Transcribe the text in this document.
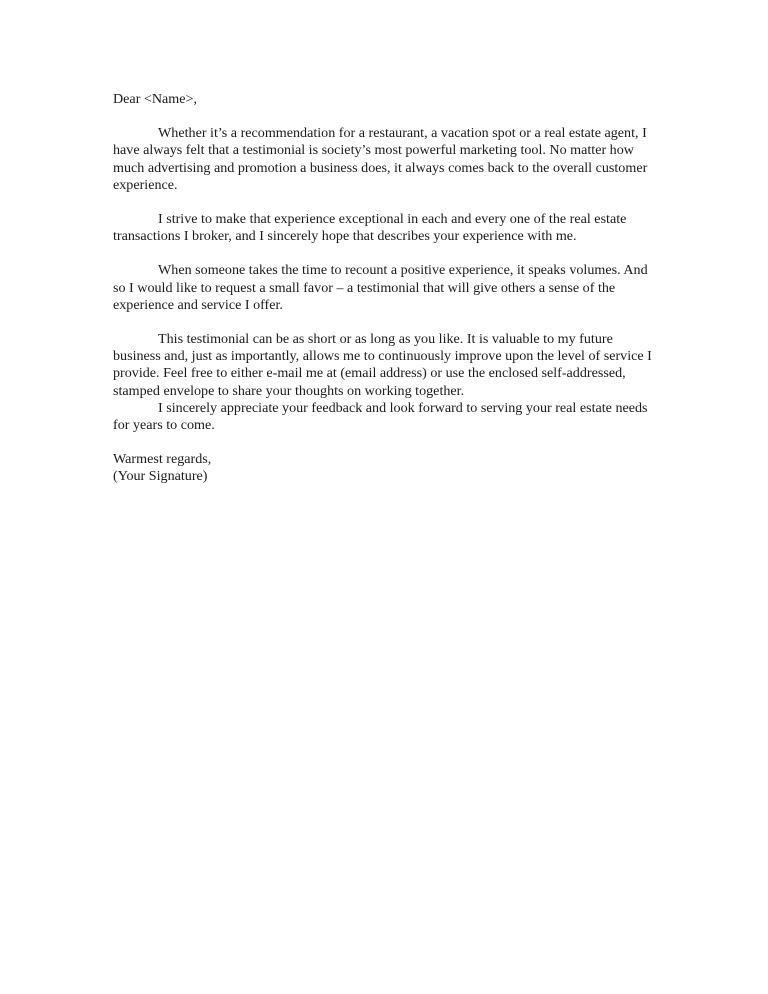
Dear <Name>,

Whether it’s a recommendation for a restaurant, a vacation spot or a real estate agent, I have always felt that a testimonial is society’s most powerful marketing tool. No matter how much advertising and promotion a business does, it always comes back to the overall customer experience.

I strive to make that experience exceptional in each and every one of the real estate transactions I broker, and I sincerely hope that describes your experience with me.

When someone takes the time to recount a positive experience, it speaks volumes. And so I would like to request a small favor – a testimonial that will give others a sense of the experience and service I offer.

This testimonial can be as short or as long as you like. It is valuable to my future business and, just as importantly, allows me to continuously improve upon the level of service I provide. Feel free to either e-mail me at (email address) or use the enclosed self-addressed, stamped envelope to share your thoughts on working together.

I sincerely appreciate your feedback and look forward to serving your real estate needs for years to come.

Warmest regards,

(Your Signature)
